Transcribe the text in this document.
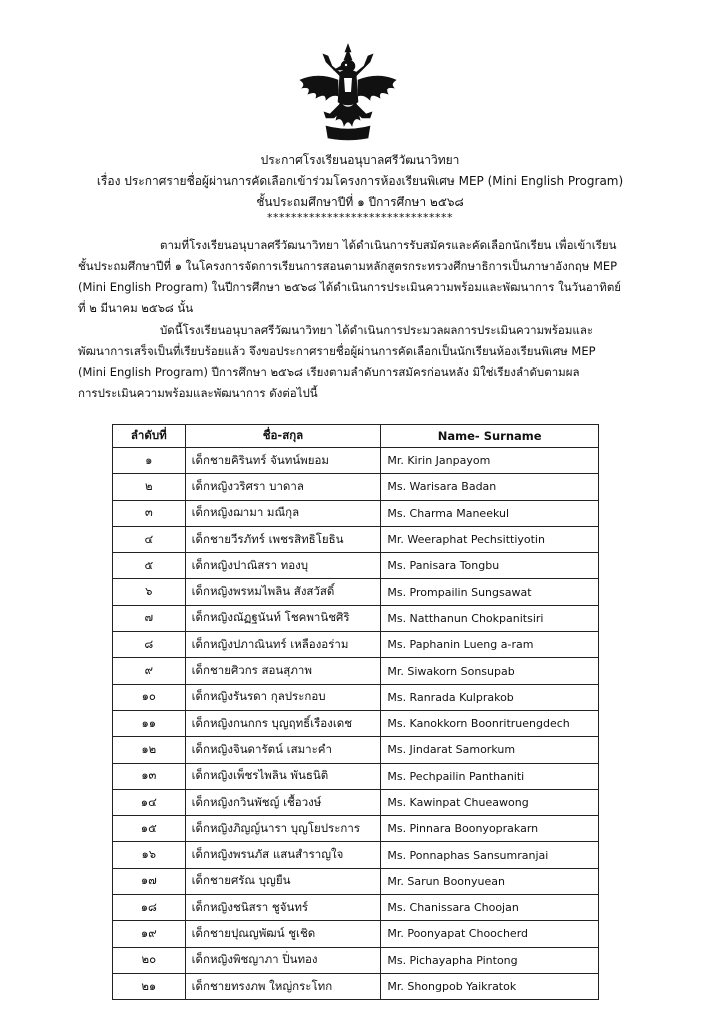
ประกาศโรงเรียนอนุบาลศรีวัฒนาวิทยา
เรื่อง ประกาศรายชื่อผู้ผ่านการคัดเลือกเข้าร่วมโครงการห้องเรียนพิเศษ MEP (Mini English Program)
ชั้นประถมศึกษาปีที่ ๑ ปีการศึกษา ๒๕๖๘
*******************************
ตามที่โรงเรียนอนุบาลศรีวัฒนาวิทยา ได้ดำเนินการรับสมัครและคัดเลือกนักเรียน เพื่อเข้าเรียน
ชั้นประถมศึกษาปีที่ ๑ ในโครงการจัดการเรียนการสอนตามหลักสูตรกระทรวงศึกษาธิการเป็นภาษาอังกฤษ MEP
(Mini English Program) ในปีการศึกษา ๒๕๖๘ ได้ดำเนินการประเมินความพร้อมและพัฒนาการ ในวันอาทิตย์
ที่ ๒ มีนาคม ๒๕๖๘ นั้น
บัดนี้โรงเรียนอนุบาลศรีวัฒนาวิทยา ได้ดำเนินการประมวลผลการประเมินความพร้อมและ
พัฒนาการเสร็จเป็นที่เรียบร้อยแล้ว จึงขอประกาศรายชื่อผู้ผ่านการคัดเลือกเป็นนักเรียนห้องเรียนพิเศษ MEP
(Mini English Program) ปีการศึกษา ๒๕๖๘ เรียงตามลำดับการสมัครก่อนหลัง มิใช่เรียงลำดับตามผล
การประเมินความพร้อมและพัฒนาการ ดังต่อไปนี้
ลำดับที่	ชื่อ-สกุล	Name- Surname
๑	เด็กชายคิรินทร์ จันทน์พยอม	Mr. Kirin Janpayom
๒	เด็กหญิงวริศรา บาดาล	Ms. Warisara Badan
๓	เด็กหญิงฌามา มณีกุล	Ms. Charma Maneekul
๔	เด็กชายวีรภัทร์ เพชรสิทธิโยธิน	Mr. Weeraphat Pechsittiyotin
๕	เด็กหญิงปาณิสรา ทองบุ	Ms. Panisara Tongbu
๖	เด็กหญิงพรหมไพลิน สังสวัสดิ์	Ms. Prompailin Sungsawat
๗	เด็กหญิงณัฏฐนันท์ โชคพานิชศิริ	Ms. Natthanun Chokpanitsiri
๘	เด็กหญิงปภาณินทร์ เหลืองอร่าม	Ms. Paphanin Lueng a-ram
๙	เด็กชายศิวกร สอนสุภาพ	Mr. Siwakorn Sonsupab
๑๐	เด็กหญิงรันรดา กุลประกอบ	Ms. Ranrada Kulprakob
๑๑	เด็กหญิงกนกกร บุญฤทธิ์เรืองเดช	Ms. Kanokkorn Boonritruengdech
๑๒	เด็กหญิงจินดารัตน์ เสมาะคำ	Ms. Jindarat Samorkum
๑๓	เด็กหญิงเพ็ชรไพลิน พันธนิติ	Ms. Pechpailin Panthaniti
๑๔	เด็กหญิงกวินพัชญ์ เชื้อวงษ์	Ms. Kawinpat Chueawong
๑๕	เด็กหญิงภิญญ์นารา บุญโยประการ	Ms. Pinnara Boonyoprakarn
๑๖	เด็กหญิงพรนภัส แสนสำราญใจ	Ms. Ponnaphas Sansumranjai
๑๗	เด็กชายศรัณ บุญยืน	Mr. Sarun Boonyuean
๑๘	เด็กหญิงชนิสรา ชูจันทร์	Ms. Chanissara Choojan
๑๙	เด็กชายปุณญพัฒน์ ชูเชิด	Mr. Poonyapat Choocherd
๒๐	เด็กหญิงพิชญาภา ปิ่นทอง	Ms. Pichayapha Pintong
๒๑	เด็กชายทรงภพ ใหญ่กระโทก	Mr. Shongpob Yaikratok
